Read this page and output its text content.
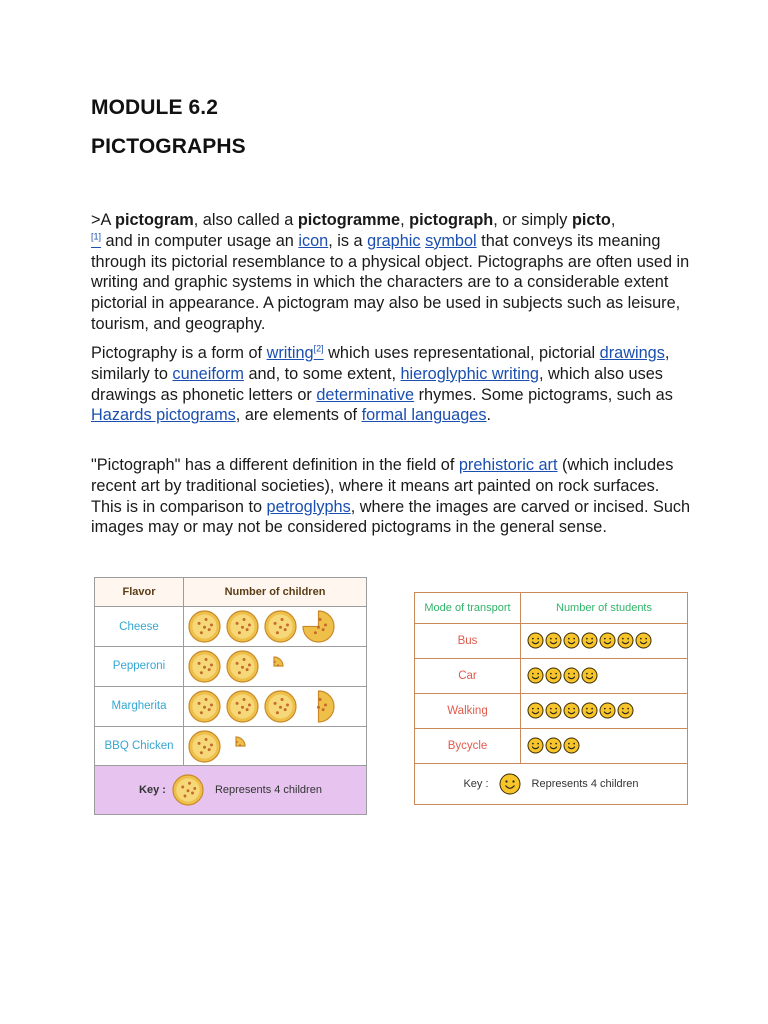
MODULE 6.2
PICTOGRAPHS

>A pictogram, also called a pictogramme, pictograph, or simply picto,
[1] and in computer usage an icon, is a graphic symbol that conveys its meaning through its pictorial resemblance to a physical object. Pictographs are often used in writing and graphic systems in which the characters are to a considerable extent pictorial in appearance. A pictogram may also be used in subjects such as leisure, tourism, and geography.

Pictography is a form of writing[2] which uses representational, pictorial drawings, similarly to cuneiform and, to some extent, hieroglyphic writing, which also uses drawings as phonetic letters or determinative rhymes. Some pictograms, such as Hazards pictograms, are elements of formal languages.

"Pictograph" has a different definition in the field of prehistoric art (which includes recent art by traditional societies), where it means art painted on rock surfaces. This is in comparison to petroglyphs, where the images are carved or incised. Such images may or may not be considered pictograms in the general sense.

Flavor	Number of children
Cheese	
Pepperoni	
Margherita	
BBQ Chicken	

Key : Represents 4 children	
Mode of transport	Number of students
Bus	
Car	
Walking	
Bycycle	

Key : Represents 4 children	
